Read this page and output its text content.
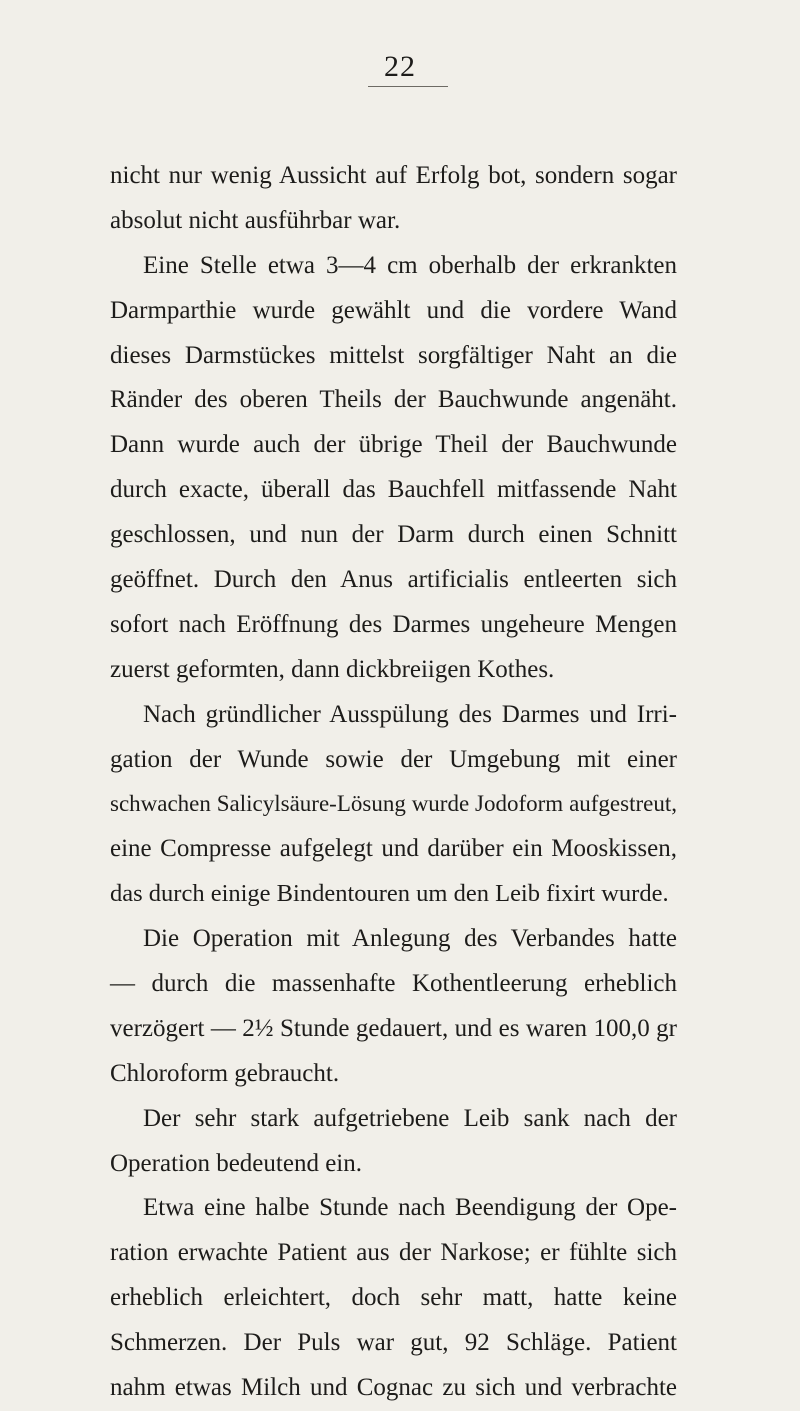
22
nicht nur wenig Aussicht auf Erfolg bot, sondern sogar
absolut nicht ausführbar war.
Eine Stelle etwa 3—4 cm oberhalb der erkrankten
Darmparthie wurde gewählt und die vordere Wand
dieses Darmstückes mittelst sorgfältiger Naht an die
Ränder des oberen Theils der Bauchwunde angenäht.
Dann wurde auch der übrige Theil der Bauchwunde
durch exacte, überall das Bauchfell mitfassende Naht
geschlossen, und nun der Darm durch einen Schnitt
geöffnet. Durch den Anus artificialis entleerten sich
sofort nach Eröffnung des Darmes ungeheure Mengen
zuerst geformten, dann dickbreiigen Kothes.
Nach gründlicher Ausspülung des Darmes und Irri-
gation der Wunde sowie der Umgebung mit einer
schwachen Salicylsäure-Lösung wurde Jodoform aufgestreut,
eine Compresse aufgelegt und darüber ein Mooskissen,
das durch einige Bindentouren um den Leib fixirt wurde.
Die Operation mit Anlegung des Verbandes hatte
— durch die massenhafte Kothentleerung erheblich
verzögert — 2½ Stunde gedauert, und es waren 100,0 gr
Chloroform gebraucht.
Der sehr stark aufgetriebene Leib sank nach der
Operation bedeutend ein.
Etwa eine halbe Stunde nach Beendigung der Ope-
ration erwachte Patient aus der Narkose; er fühlte sich
erheblich erleichtert, doch sehr matt, hatte keine
Schmerzen. Der Puls war gut, 92 Schläge. Patient
nahm etwas Milch und Cognac zu sich und verbrachte
